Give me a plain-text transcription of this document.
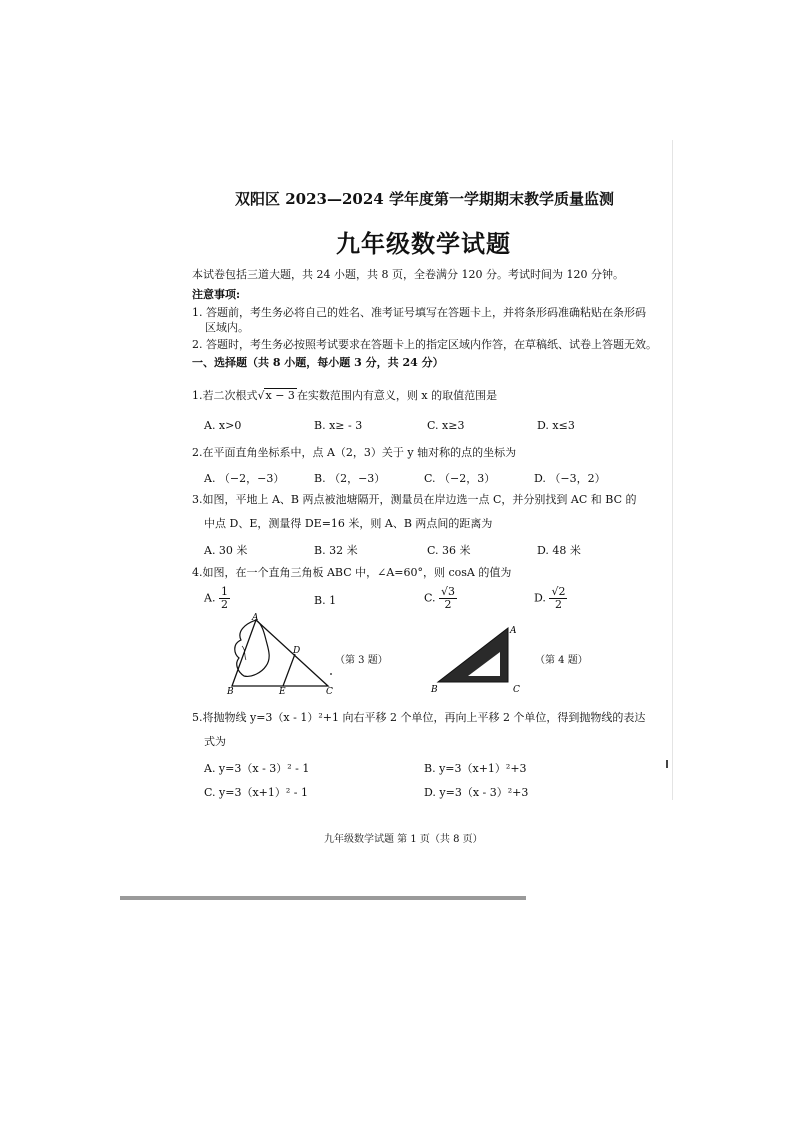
双阳区 2023—2024 学年度第一学期期末教学质量监测
九年级数学试题
本试卷包括三道大题，共 24 小题，共 8 页，全卷满分 120 分。考试时间为 120 分钟。
注意事项:
1. 答题前，考生务必将自己的姓名、准考证号填写在答题卡上，并将条形码准确粘贴在条形码
区域内。
2. 答题时，考生务必按照考试要求在答题卡上的指定区域内作答，在草稿纸、试卷上答题无效。
一、选择题（共 8 小题，每小题 3 分，共 24 分）
1.若二次根式√x − 3 在实数范围内有意义，则 x 的取值范围是
A. x>0	B. x≥ - 3	C. x≥3	D. x≤3
2.在平面直角坐标系中，点 A（2，3）关于 y 轴对称的点的坐标为
A. （−2，−3）	B. （2，−3）	C. （−2，3）	D. （−3，2）
3.如图，平地上 A、B 两点被池塘隔开，测量员在岸边选一点 C，并分别找到 AC 和 BC 的
中点 D、E，测量得 DE=16 米，则 A、B 两点间的距离为
A. 30 米	B. 32 米	C. 36 米	D. 48 米
4.如图，在一个直角三角板 ABC 中，∠A=60°，则 cosA 的值为
A. $\frac{1}{2}$	B. 1	C. $\frac{√3}{2}$	D. $\frac{√2}{2}$
A
B	C
D
E
（第 3 题）
A
B	C
（第 4 题）
5.将抛物线 y=3（x - 1）²+1 向右平移 2 个单位，再向上平移 2 个单位，得到抛物线的表达
式为
A. y=3（x - 3）² - 1	B. y=3（x+1）²+3
C. y=3（x+1）² - 1	D. y=3（x - 3）²+3
九年级数学试题 第 1 页（共 8 页）
